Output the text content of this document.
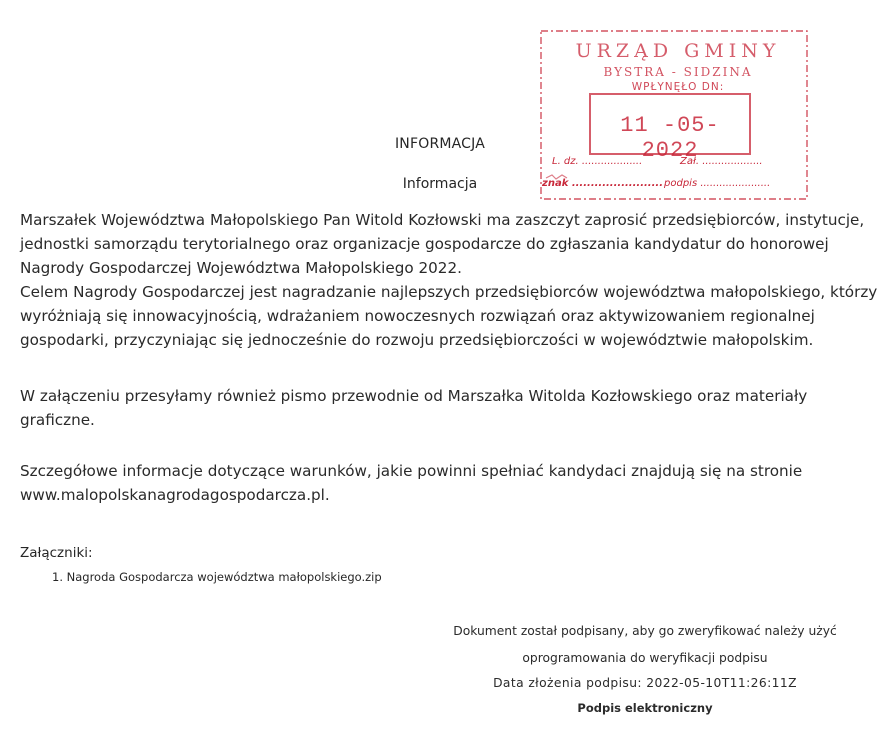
URZĄD GMINY
BYSTRA - SIDZINA
WPŁYNĘŁO DN:
11 -05- 2022
L. dz. ...................	Zał. ...................
znak ........................ podpis ......................
INFORMACJA
Informacja

Marszałek Województwa Małopolskiego Pan Witold Kozłowski ma zaszczyt zaprosić przedsiębiorców, instytucje, jednostki samorządu terytorialnego oraz organizacje gospodarcze do zgłaszania kandydatur do honorowej Nagrody Gospodarczej Województwa Małopolskiego 2022.

Celem Nagrody Gospodarczej jest nagradzanie najlepszych przedsiębiorców województwa małopolskiego, którzy wyróżniają się innowacyjnością, wdrażaniem nowoczesnych rozwiązań oraz aktywizowaniem regionalnej gospodarki, przyczyniając się jednocześnie do rozwoju przedsiębiorczości w województwie małopolskim.

W załączeniu przesyłamy również pismo przewodnie od Marszałka Witolda Kozłowskiego oraz materiały graficzne.

Szczegółowe informacje dotyczące warunków, jakie powinni spełniać kandydaci znajdują się na stronie

www.malopolskanagrodagospodarcza.pl.

Załączniki:
1. Nagroda Gospodarcza województwa małopolskiego.zip
Dokument został podpisany, aby go zweryfikować należy użyć
oprogramowania do weryfikacji podpisu
Data złożenia podpisu: 2022-05-10T11:26:11Z
Podpis elektroniczny
